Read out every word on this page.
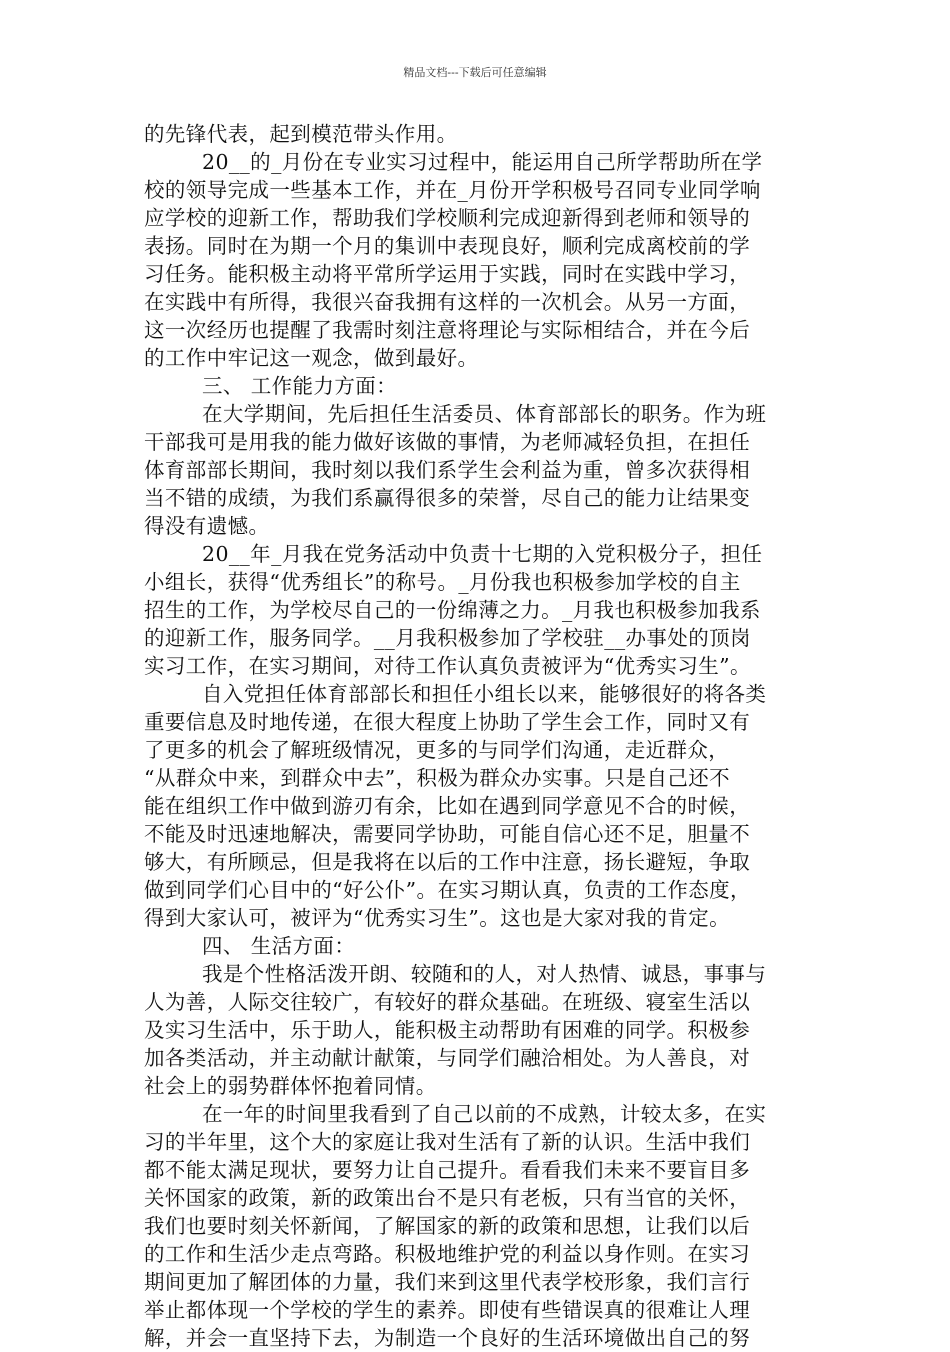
精品文档---下载后可任意编辑
的先锋代表，起到模范带头作用。
20__的_月份在专业实习过程中，能运用自己所学帮助所在学
校的领导完成一些基本工作，并在_月份开学积极号召同专业同学响
应学校的迎新工作，帮助我们学校顺利完成迎新得到老师和领导的
表扬。同时在为期一个月的集训中表现良好，顺利完成离校前的学
习任务。能积极主动将平常所学运用于实践，同时在实践中学习，
在实践中有所得，我很兴奋我拥有这样的一次机会。从另一方面，
这一次经历也提醒了我需时刻注意将理论与实际相结合，并在今后
的工作中牢记这一观念，做到最好。
三、 工作能力方面：
在大学期间，先后担任生活委员、体育部部长的职务。作为班
干部我可是用我的能力做好该做的事情，为老师减轻负担，在担任
体育部部长期间，我时刻以我们系学生会利益为重，曾多次获得相
当不错的成绩，为我们系赢得很多的荣誉，尽自己的能力让结果变
得没有遗憾。
20__年_月我在党务活动中负责十七期的入党积极分子，担任
小组长，获得“优秀组长”的称号。_月份我也积极参加学校的自主
招生的工作，为学校尽自己的一份绵薄之力。_月我也积极参加我系
的迎新工作，服务同学。__月我积极参加了学校驻__办事处的顶岗
实习工作，在实习期间，对待工作认真负责被评为“优秀实习生”。
自入党担任体育部部长和担任小组长以来，能够很好的将各类
重要信息及时地传递，在很大程度上协助了学生会工作，同时又有
了更多的机会了解班级情况，更多的与同学们沟通，走近群众，
“从群众中来，到群众中去”，积极为群众办实事。只是自己还不
能在组织工作中做到游刃有余，比如在遇到同学意见不合的时候，
不能及时迅速地解决，需要同学协助，可能自信心还不足，胆量不
够大，有所顾忌，但是我将在以后的工作中注意，扬长避短，争取
做到同学们心目中的“好公仆”。在实习期认真，负责的工作态度，
得到大家认可，被评为“优秀实习生”。这也是大家对我的肯定。
四、 生活方面：
我是个性格活泼开朗、较随和的人，对人热情、诚恳，事事与
人为善，人际交往较广，有较好的群众基础。在班级、寝室生活以
及实习生活中，乐于助人，能积极主动帮助有困难的同学。积极参
加各类活动，并主动献计献策，与同学们融洽相处。为人善良，对
社会上的弱势群体怀抱着同情。
在一年的时间里我看到了自己以前的不成熟，计较太多，在实
习的半年里，这个大的家庭让我对生活有了新的认识。生活中我们
都不能太满足现状，要努力让自己提升。看看我们未来不要盲目多
关怀国家的政策，新的政策出台不是只有老板，只有当官的关怀，
我们也要时刻关怀新闻，了解国家的新的政策和思想，让我们以后
的工作和生活少走点弯路。积极地维护党的利益以身作则。在实习
期间更加了解团体的力量，我们来到这里代表学校形象，我们言行
举止都体现一个学校的学生的素养。即使有些错误真的很难让人理
解，并会一直坚持下去，为制造一个良好的生活环境做出自己的努
